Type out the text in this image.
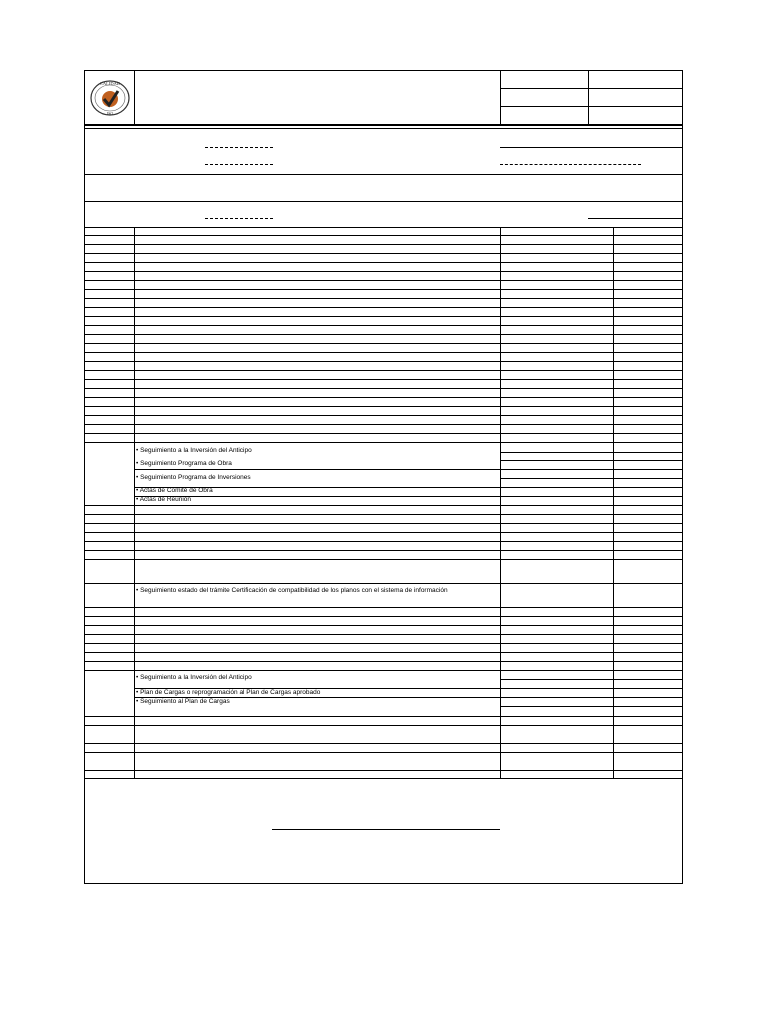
CALIDAD
ISO
• Seguimiento a la Inversión del Anticipo
• Seguimiento Programa de Obra
• Seguimiento Programa de Inversiones
• Actas de Comité de Obra
• Actas de Reunión
• Seguimiento estado del trámite Certificación de compatibilidad de los planos con el sistema de información
• Seguimiento a la Inversión del Anticipo
• Plan de Cargas o reprogramación al Plan de Cargas aprobado
• Seguimiento al Plan de Cargas
